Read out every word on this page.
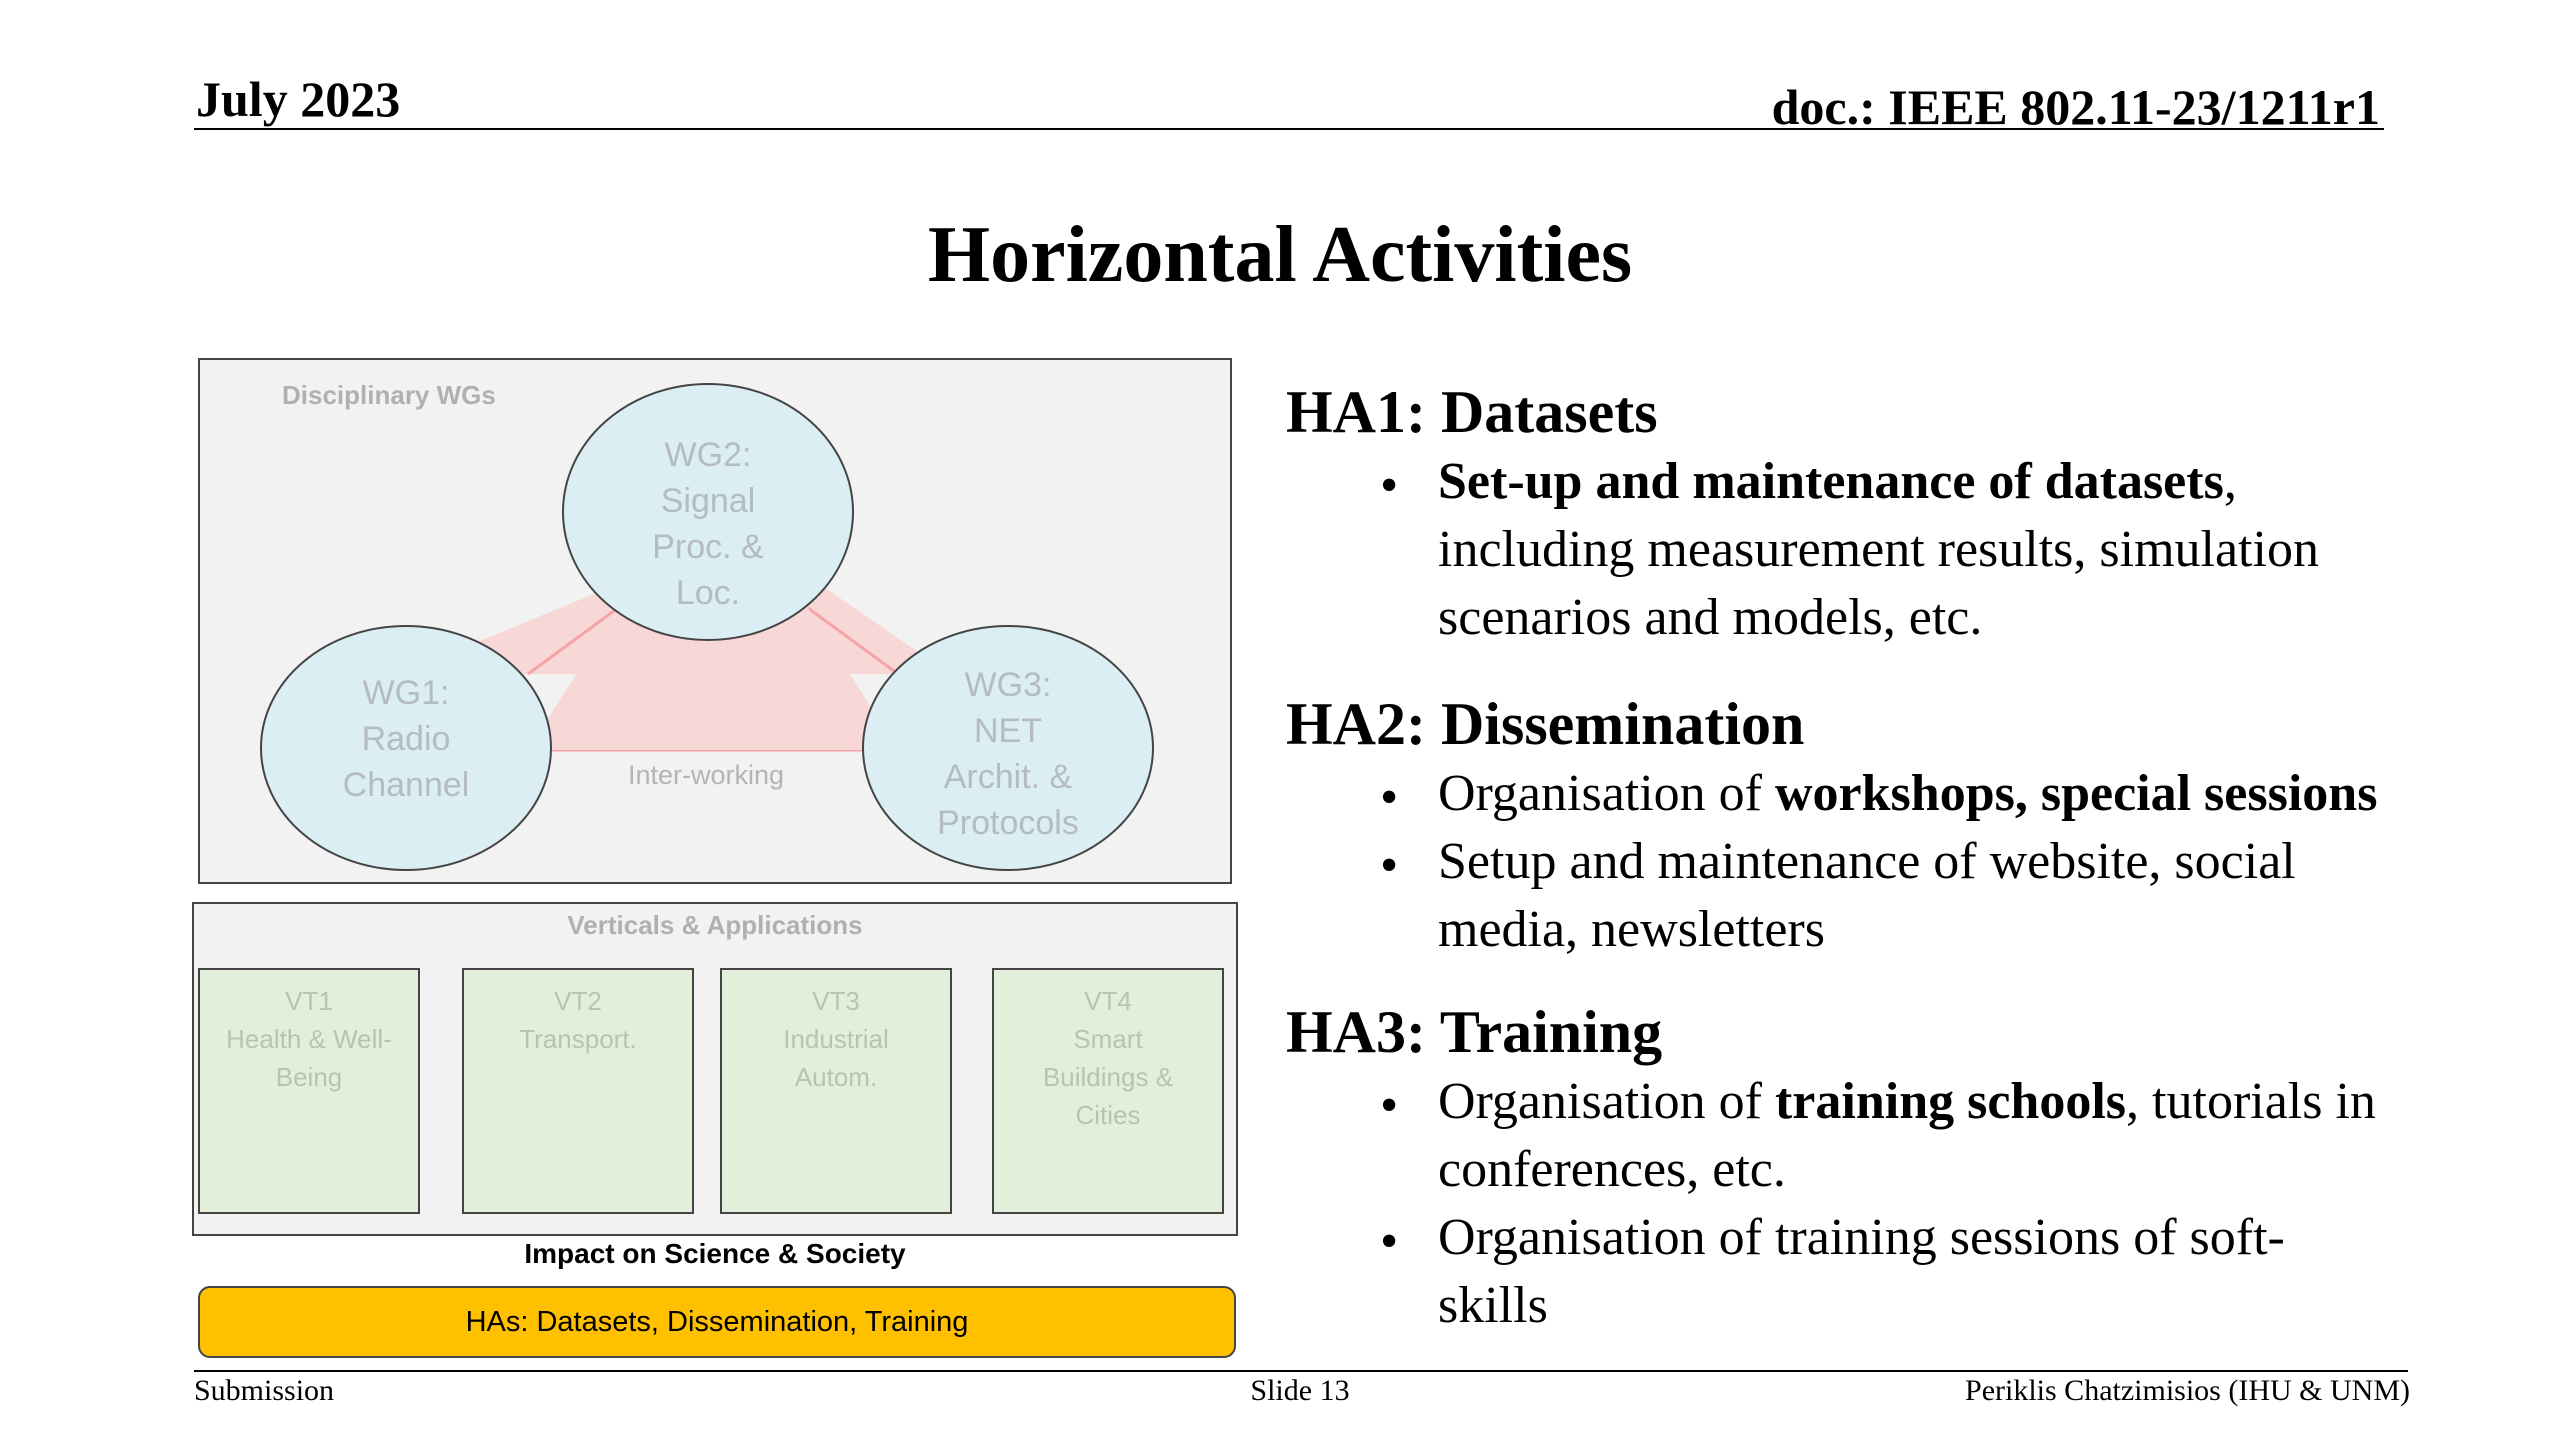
July 2023	doc.: IEEE 802.11-23/1211r1
Horizontal Activities
Disciplinary WGs
WG2:
Signal
Proc. &
Loc.
WG1:
Radio
Channel
WG3:
NET
Archit. &
Protocols
Inter-working
Verticals & Applications
VT1
Health & Well-
Being
VT2
Transport.
VT3
Industrial
Autom.
VT4
Smart
Buildings &
Cities
Impact on Science & Society
HAs: Datasets, Dissemination, Training
HA1: Datasets
• Set-up and maintenance of datasets,
including measurement results, simulation
scenarios and models, etc.
HA2: Dissemination
• Organisation of workshops, special sessions
• Setup and maintenance of website, social
media, newsletters
HA3: Training
• Organisation of training schools, tutorials in
conferences, etc.
• Organisation of training sessions of soft-
skills
Submission	Slide 13	Periklis Chatzimisios (IHU & UNM)
